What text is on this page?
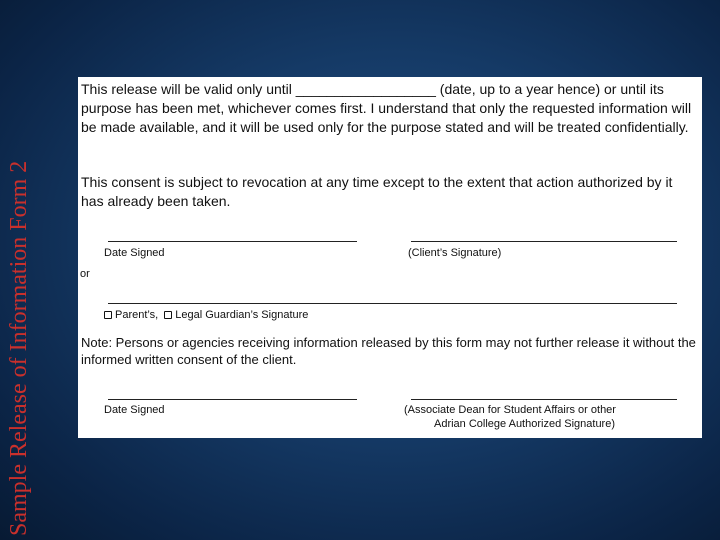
Sample Release of Information Form 2
This release will be valid only until __________________ (date, up to a year hence) or until its purpose has been met, whichever comes first. I understand that only the requested information will be made available, and it will be used only for the purpose stated and will be treated confidentially.
This consent is subject to revocation at any time except to the extent that action authorized by it has already been taken.
Date Signed	(Client’s Signature)
or
Parent’s, Legal Guardian’s Signature
Note: Persons or agencies receiving information released by this form may not further release it without the informed written consent of the client.
Date Signed	(Associate Dean for Student Affairs or other
Adrian College Authorized Signature)
